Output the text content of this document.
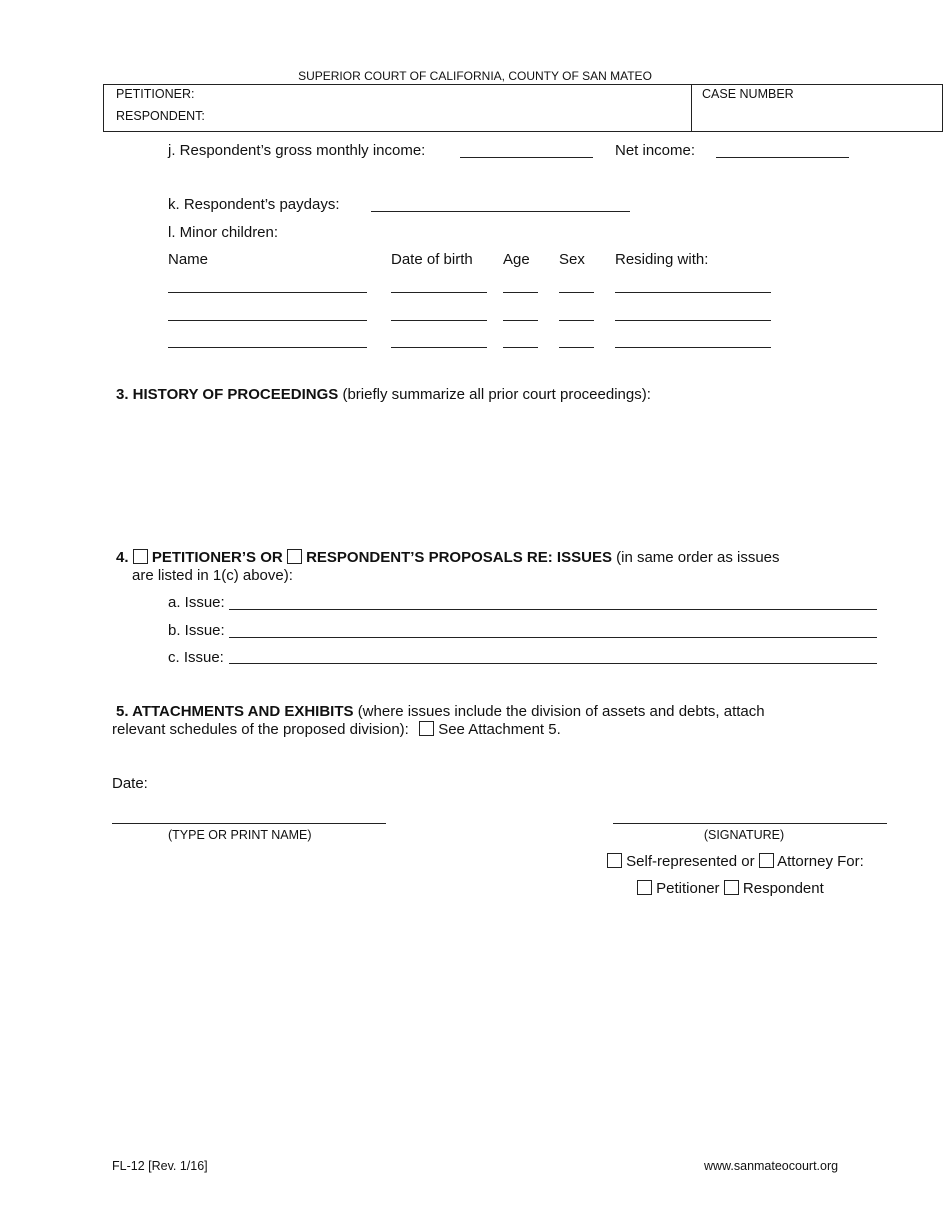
SUPERIOR COURT OF CALIFORNIA, COUNTY OF SAN MATEO
PETITIONER:
RESPONDENT:
CASE NUMBER
j. Respondent’s gross monthly income:	Net income:
k. Respondent’s paydays:
l. Minor children:
Name	Date of birth Age Sex Residing with:
3. HISTORY OF PROCEEDINGS (briefly summarize all prior court proceedings):
4. PETITIONER’S OR RESPONDENT’S PROPOSALS RE: ISSUES (in same order as issues
are listed in 1(c) above):
a. Issue:
b. Issue:
c. Issue:
5. ATTACHMENTS AND EXHIBITS (where issues include the division of assets and debts, attach
relevant schedules of the proposed division): See Attachment 5.
Date:
(TYPE OR PRINT NAME)	(SIGNATURE)
Self-represented or Attorney For:
Petitioner Respondent
FL-12 [Rev. 1/16]	www.sanmateocourt.org
